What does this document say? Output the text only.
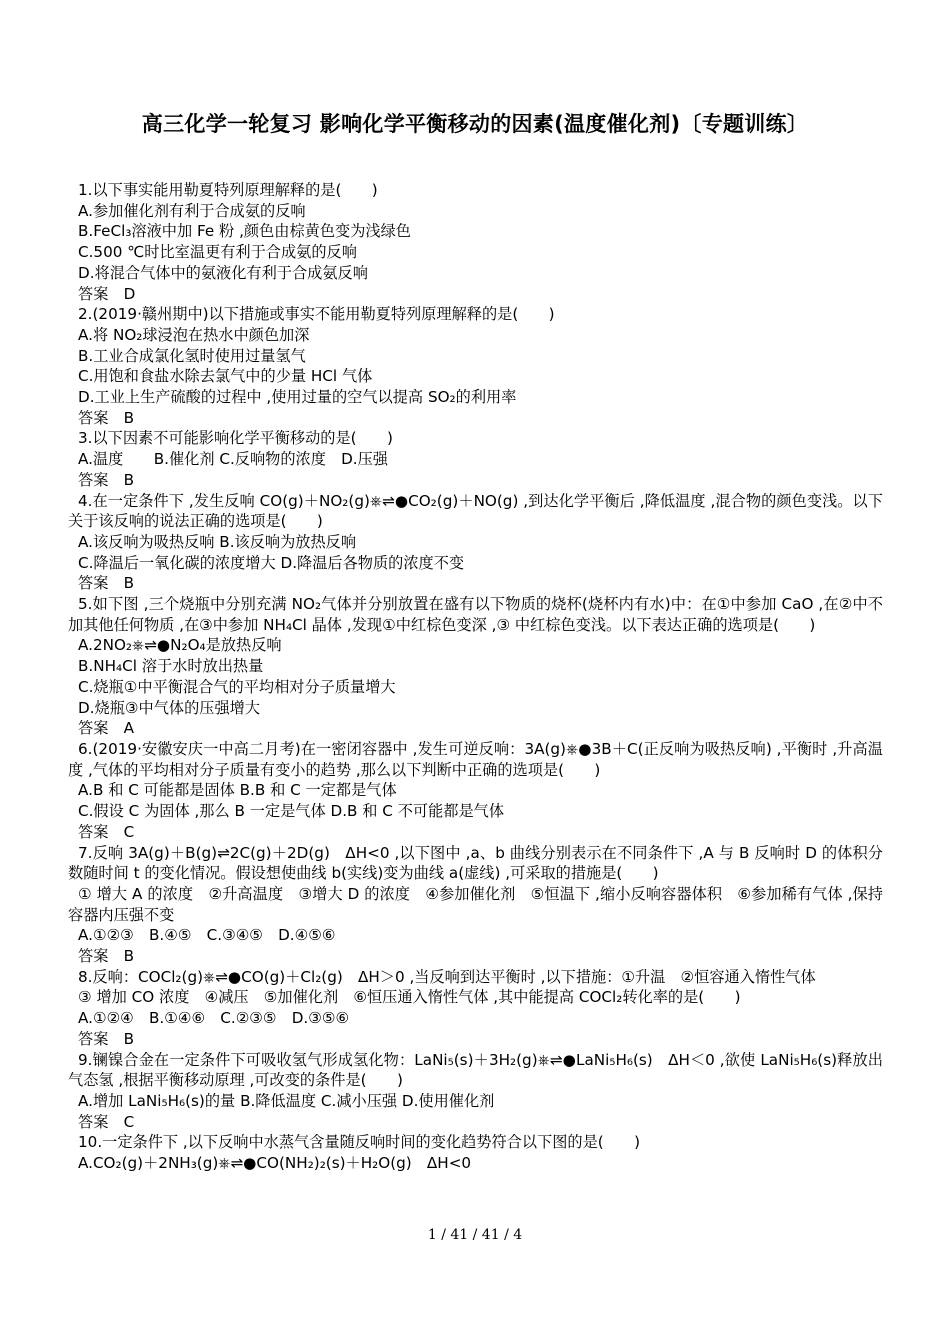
高三化学一轮复习 影响化学平衡移动的因素(温度催化剂)〔专题训练〕
1.以下事实能用勒夏特列原理解释的是(　　)
A.参加催化剂有利于合成氨的反响
B.FeCl₃溶液中加 Fe 粉 ,颜色由棕黄色变为浅绿色
C.500 ℃时比室温更有利于合成氨的反响
D.将混合气体中的氨液化有利于合成氨反响
答案　D
2.(2019·赣州期中)以下措施或事实不能用勒夏特列原理解释的是(　　)
A.将 NO₂球浸泡在热水中颜色加深
B.工业合成氯化氢时使用过量氢气
C.用饱和食盐水除去氯气中的少量 HCl 气体
D.工业上生产硫酸的过程中 ,使用过量的空气以提高 SO₂的利用率
答案　B
3.以下因素不可能影响化学平衡移动的是(　　)
A.温度　　B.催化剂 C.反响物的浓度　D.压强
答案　B
4.在一定条件下 ,发生反响 CO(g)＋NO₂(g)⎈⇌●CO₂(g)＋NO(g) ,到达化学平衡后 ,降低温度 ,混合物的颜色变浅。以下关于该反响的说法正确的选项是(　　)
A.该反响为吸热反响 B.该反响为放热反响
C.降温后一氧化碳的浓度增大 D.降温后各物质的浓度不变
答案　B
5.如下图 ,三个烧瓶中分别充满 NO₂气体并分别放置在盛有以下物质的烧杯(烧杯内有水)中：在①中参加 CaO ,在②中不加其他任何物质 ,在③中参加 NH₄Cl 晶体 ,发现①中红棕色变深 ,③ 中红棕色变浅。以下表达正确的选项是(　　)
A.2NO₂⎈⇌●N₂O₄是放热反响
B.NH₄Cl 溶于水时放出热量
C.烧瓶①中平衡混合气的平均相对分子质量增大
D.烧瓶③中气体的压强增大
答案　A
6.(2019·安徽安庆一中高二月考)在一密闭容器中 ,发生可逆反响：3A(g)⎈●3B＋C(正反响为吸热反响) ,平衡时 ,升高温度 ,气体的平均相对分子质量有变小的趋势 ,那么以下判断中正确的选项是(　　)
A.B 和 C 可能都是固体 B.B 和 C 一定都是气体
C.假设 C 为固体 ,那么 B 一定是气体 D.B 和 C 不可能都是气体
答案　C
7.反响 3A(g)＋B(g)⇌2C(g)＋2D(g)　ΔH<0 ,以下图中 ,a、b 曲线分别表示在不同条件下 ,A 与 B 反响时 D 的体积分数随时间 t 的变化情况。假设想使曲线 b(实线)变为曲线 a(虚线) ,可采取的措施是(　　)
① 增大 A 的浓度　②升高温度　③增大 D 的浓度　④参加催化剂　⑤恒温下 ,缩小反响容器体积　⑥参加稀有气体 ,保持容器内压强不变
A.①②③　B.④⑤　C.③④⑤　D.④⑤⑥
答案　B
8.反响：COCl₂(g)⎈⇌●CO(g)＋Cl₂(g)　ΔH＞0 ,当反响到达平衡时 ,以下措施：①升温　②恒容通入惰性气体
③ 增加 CO 浓度　④减压　⑤加催化剂　⑥恒压通入惰性气体 ,其中能提高 COCl₂转化率的是(　　)
A.①②④　B.①④⑥　C.②③⑤　D.③⑤⑥
答案　B
9.镧镍合金在一定条件下可吸收氢气形成氢化物：LaNi₅(s)＋3H₂(g)⎈⇌●LaNi₅H₆(s)　ΔH＜0 ,欲使 LaNi₅H₆(s)释放出气态氢 ,根据平衡移动原理 ,可改变的条件是(　　)
A.增加 LaNi₅H₆(s)的量 B.降低温度 C.减小压强 D.使用催化剂
答案　C
10.一定条件下 ,以下反响中水蒸气含量随反响时间的变化趋势符合以下图的是(　　)
A.CO₂(g)＋2NH₃(g)⎈⇌●CO(NH₂)₂(s)＋H₂O(g)　ΔH<0
1 / 41 / 41 / 4
